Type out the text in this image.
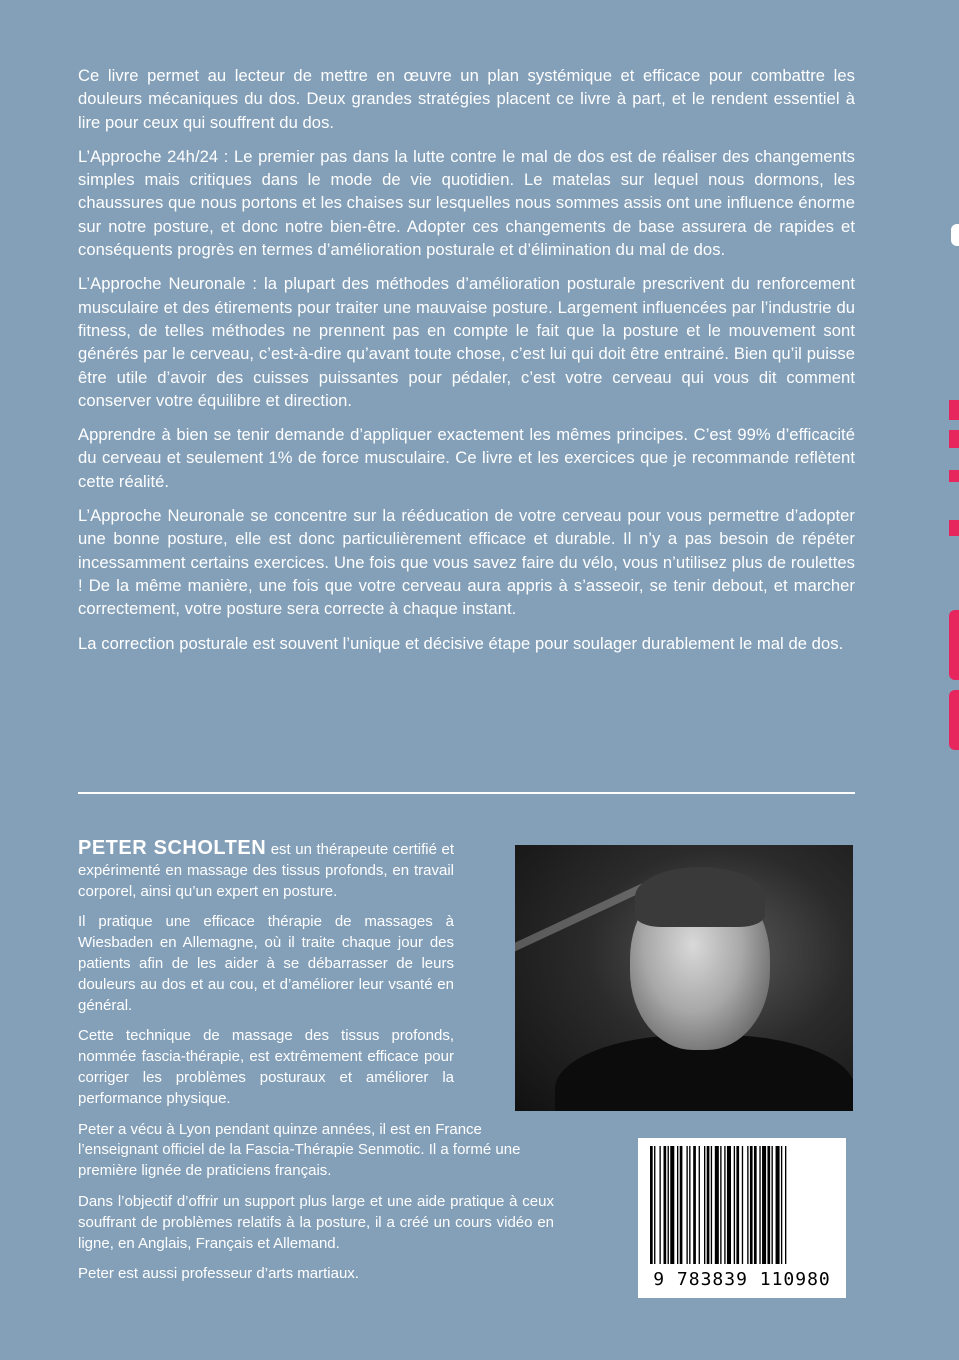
Ce livre permet au lecteur de mettre en œuvre un plan systémique et efficace pour combattre les douleurs mécaniques du dos. Deux grandes stratégies placent ce livre à part, et le rendent essentiel à lire pour ceux qui souffrent du dos.

L’Approche 24h/24 : Le premier pas dans la lutte contre le mal de dos est de réaliser des changements simples mais critiques dans le mode de vie quotidien. Le matelas sur lequel nous dormons, les chaussures que nous portons et les chaises sur lesquelles nous sommes assis ont une influence énorme sur notre posture, et donc notre bien-être. Adopter ces changements de base assurera de rapides et conséquents progrès en termes d’amélioration posturale et d’élimination du mal de dos.

L’Approche Neuronale : la plupart des méthodes d’amélioration posturale prescrivent du renforcement musculaire et des étirements pour traiter une mauvaise posture. Largement influencées par l’industrie du fitness, de telles méthodes ne prennent pas en compte le fait que la posture et le mouvement sont générés par le cerveau, c’est-à-dire qu’avant toute chose, c’est lui qui doit être entrainé. Bien qu’il puisse être utile d’avoir des cuisses puissantes pour pédaler, c’est votre cerveau qui vous dit comment conserver votre équilibre et direction.

Apprendre à bien se tenir demande d’appliquer exactement les mêmes principes. C’est 99% d’efficacité du cerveau et seulement 1% de force musculaire. Ce livre et les exercices que je recommande reflètent cette réalité.

L’Approche Neuronale se concentre sur la rééducation de votre cerveau pour vous permettre d’adopter une bonne posture, elle est donc particulièrement efficace et durable. Il n’y a pas besoin de répéter incessamment certains exercices. Une fois que vous savez faire du vélo, vous n’utilisez plus de roulettes ! De la même manière, une fois que votre cerveau aura appris à s’asseoir, se tenir debout, et marcher correctement, votre posture sera correcte à chaque instant.

La correction posturale est souvent l’unique et décisive étape pour soulager durablement le mal de dos.

PETER SCHOLTEN est un thérapeute certifié et expérimenté en massage des tissus profonds, en travail corporel, ainsi qu’un expert en posture.

Il pratique une efficace thérapie de massages à Wiesbaden en Allemagne, où il traite chaque jour des patients afin de les aider à se débarrasser de leurs douleurs au dos et au cou, et d’améliorer leur vsanté en général.

Cette technique de massage des tissus profonds, nommée fascia-thérapie, est extrêmement efficace pour corriger les problèmes posturaux et améliorer la performance physique.

Peter a vécu à Lyon pendant quinze années, il est en France l’enseignant officiel de la Fascia-Thérapie Senmotic. Il a formé une première lignée de praticiens français.

Dans l’objectif d’offrir un support plus large et une aide pratique à ceux souffrant de problèmes relatifs à la posture, il a créé un cours vidéo en ligne, en Anglais, Français et Allemand.

Peter est aussi professeur d’arts martiaux.	9 783839 110980
